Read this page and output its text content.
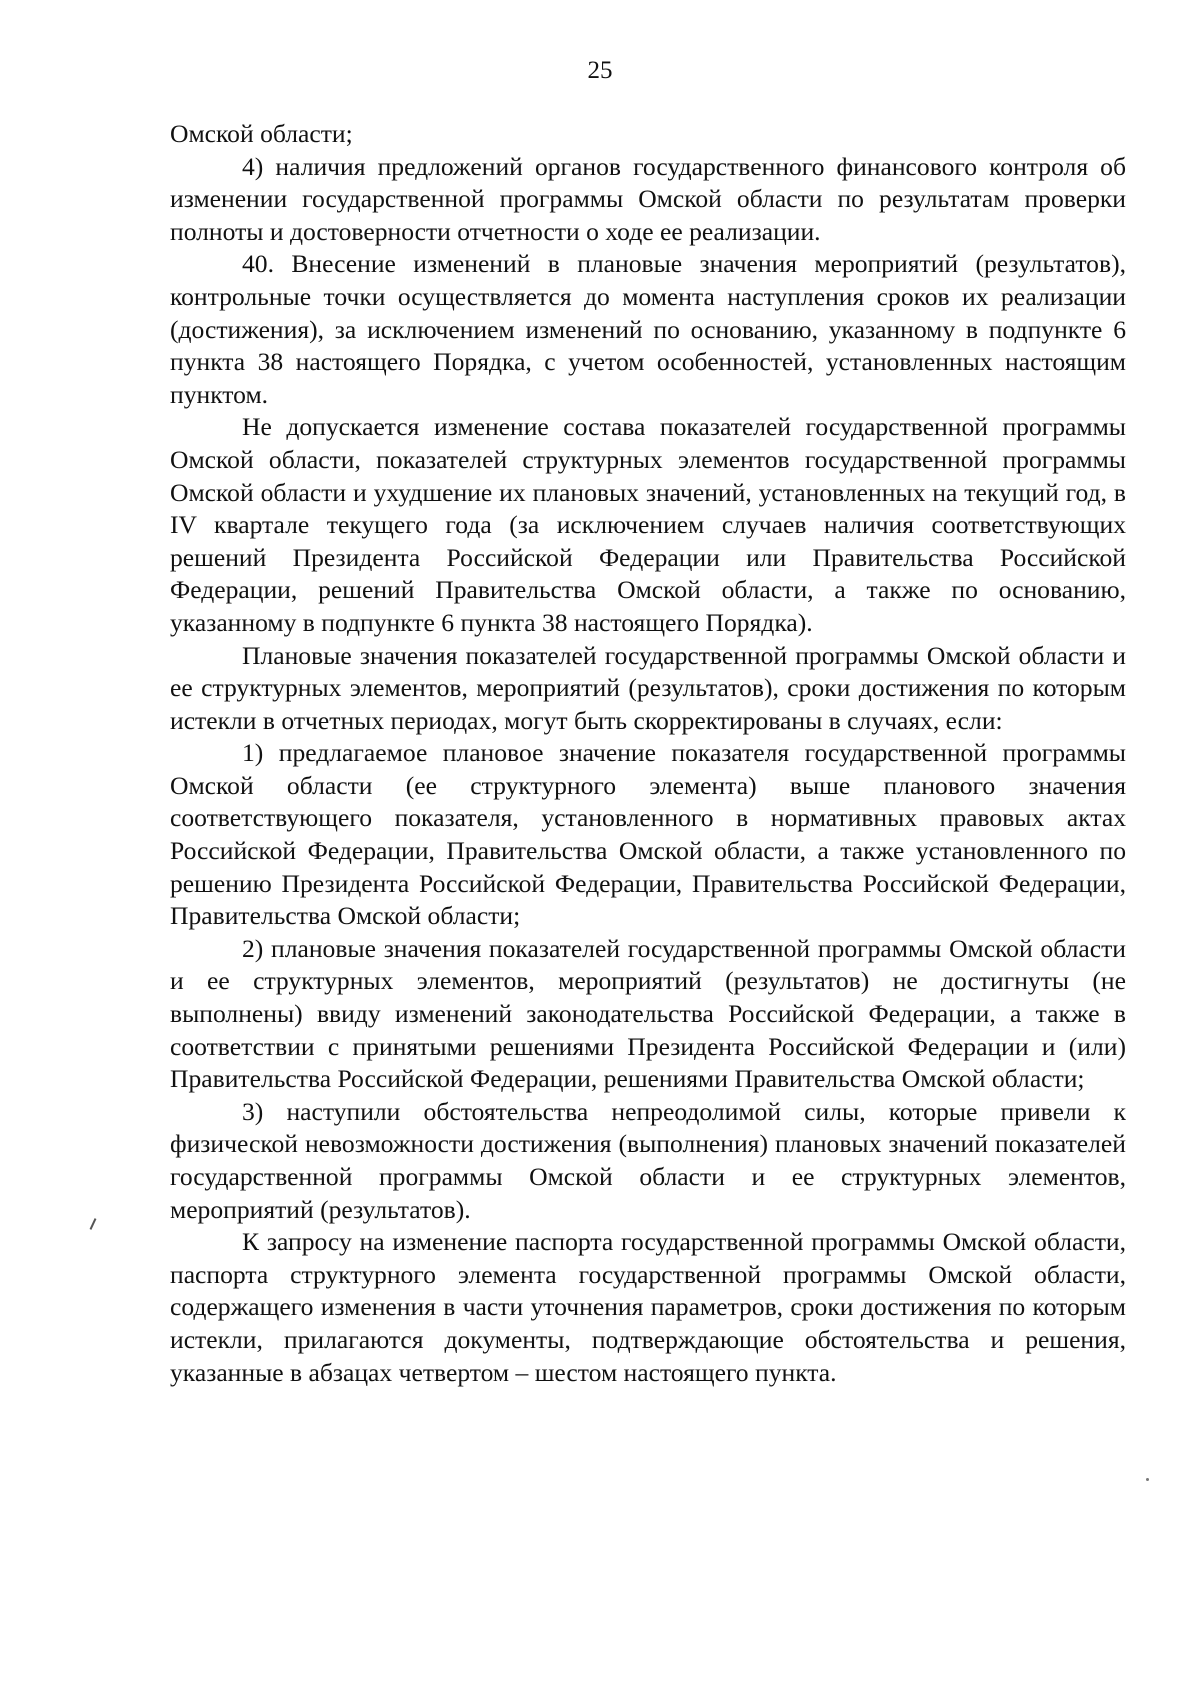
25

Омской области;

4) наличия предложений органов государственного финансового контроля об изменении государственной программы Омской области по результатам проверки полноты и достоверности отчетности о ходе ее реализации.

40. Внесение изменений в плановые значения мероприятий (результатов), контрольные точки осуществляется до момента наступления сроков их реализации (достижения), за исключением изменений по основанию, указанному в подпункте 6 пункта 38 настоящего Порядка, с учетом особенностей, установленных настоящим пунктом.

Не допускается изменение состава показателей государственной программы Омской области, показателей структурных элементов государственной программы Омской области и ухудшение их плановых значений, установленных на текущий год, в IV квартале текущего года (за исключением случаев наличия соответствующих решений Президента Российской Федерации или Правительства Российской Федерации, решений Правительства Омской области, а также по основанию, указанному в подпункте 6 пункта 38 настоящего Порядка).

Плановые значения показателей государственной программы Омской области и ее структурных элементов, мероприятий (результатов), сроки достижения по которым истекли в отчетных периодах, могут быть скорректированы в случаях, если:

1) предлагаемое плановое значение показателя государственной программы Омской области (ее структурного элемента) выше планового значения соответствующего показателя, установленного в нормативных правовых актах Российской Федерации, Правительства Омской области, а также установленного по решению Президента Российской Федерации, Правительства Российской Федерации, Правительства Омской области;

2) плановые значения показателей государственной программы Омской области и ее структурных элементов, мероприятий (результатов) не достигнуты (не выполнены) ввиду изменений законодательства Российской Федерации, а также в соответствии с принятыми решениями Президента Российской Федерации и (или) Правительства Российской Федерации, решениями Правительства Омской области;

3) наступили обстоятельства непреодолимой силы, которые привели к физической невозможности достижения (выполнения) плановых значений показателей государственной программы Омской области и ее структурных элементов, мероприятий (результатов).

К запросу на изменение паспорта государственной программы Омской области, паспорта структурного элемента государственной программы Омской области, содержащего изменения в части уточнения параметров, сроки достижения по которым истекли, прилагаются документы, подтверждающие обстоятельства и решения, указанные в абзацах четвертом – шестом настоящего пункта.
